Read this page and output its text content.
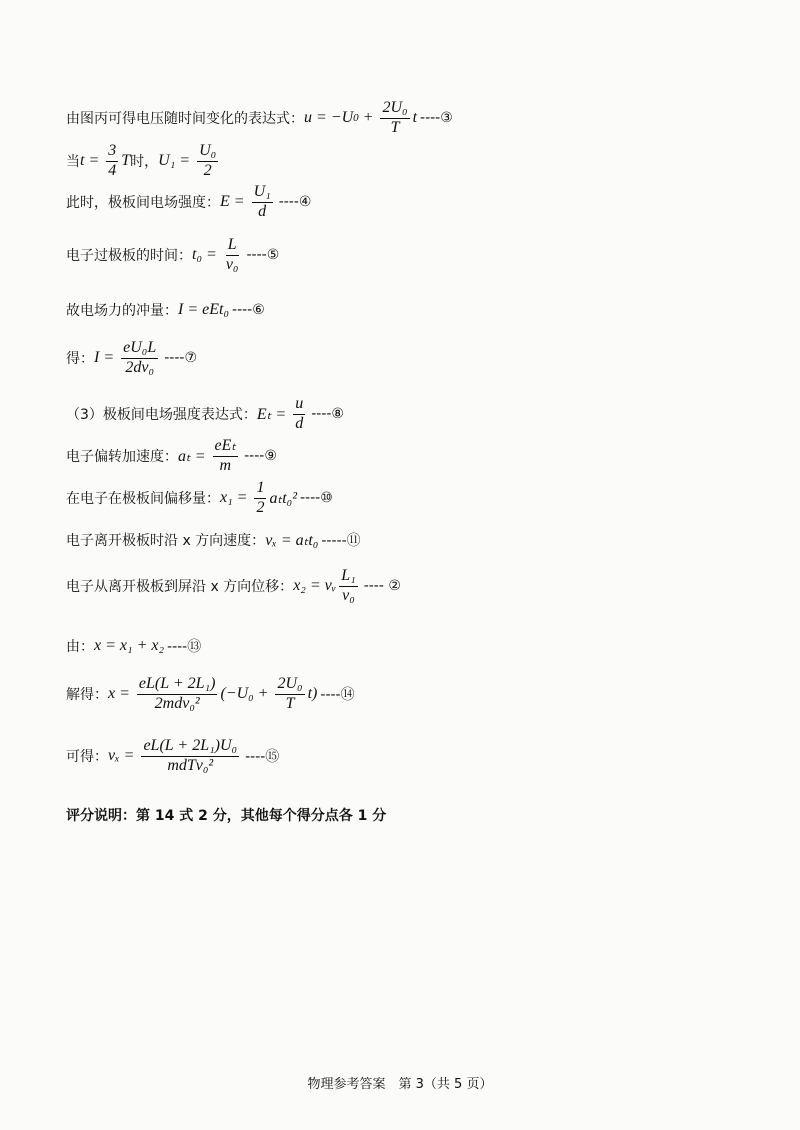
由图丙可得电压随时间变化的表达式： u = −U $0 + \frac{\text{2U₀}}{T}$ t ----③
当 $t = \frac{3}{4}$ T 时， $U_1 = \frac{\text{U₀}}{2}$
此时，极板间电场强度： $E = \frac{\text{U₁}}{d}$ ----④
电子过极板的时间： $t_0 = \frac{L}{\text{v₀}}$ ----⑤
故电场力的冲量： I = eEt₀ ----⑥
得： $I = \frac{\text{eU₀L}}{\text{2dv₀}}$ ----⑦
（3）极板间电场强度表达式： $E_t = \frac{u}{d}$ ----⑧
电子偏转加速度： $a_t = \frac{\text{eEₜ}}{m}$ ----⑨
在电子在极板间偏移量： $x_1 = \frac{1}{2} a_tt_0^2$ ----⑩
电子离开极板时沿 x 方向速度： vₓ = aₜt₀ -----⑪
电子从离开极板到屏沿 x 方向位移： x₂ = vᵥ $\frac{\text{L₁}}{\text{v₀}}$ ---- ②
由： x = x₁ + x₂ ----⑬
解得： $x = \frac{\text{eL(L + 2L₁)}}{\text{2mdv₀²}} (-U_0 + \frac{\text{2U₀}}{T} t)$ ----⑭
可得： $v_x = \frac{\text{eL(L + 2L₁)U₀}}{\text{mdTv₀²}}$ ----⑮
评分说明：第 14 式 2 分，其他每个得分点各 1 分
物理参考答案　第 3（共 5 页）
